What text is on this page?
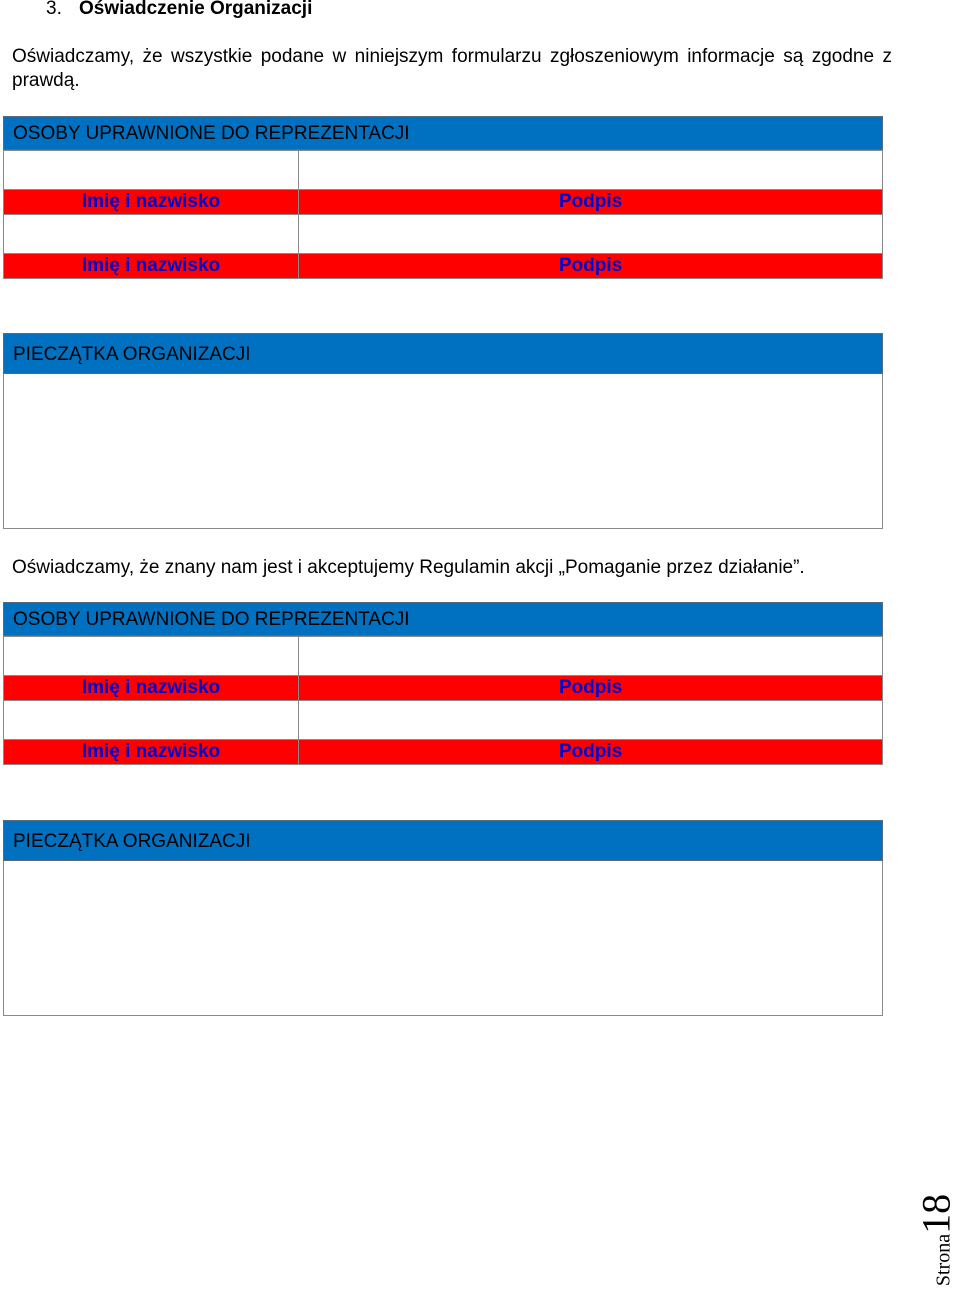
3. Oświadczenie Organizacji
Oświadczamy, że wszystkie podane w niniejszym formularzu zgłoszeniowym informacje są zgodne z prawdą.
OSOBY UPRAWNIONE DO REPREZENTACJI

Imię i nazwisko	Podpis

Imię i nazwisko	Podpis
PIECZĄTKA ORGANIZACJI
Oświadczamy, że znany nam jest i akceptujemy Regulamin akcji „Pomaganie przez działanie”.
OSOBY UPRAWNIONE DO REPREZENTACJI

Imię i nazwisko	Podpis

Imię i nazwisko	Podpis
PIECZĄTKA ORGANIZACJI
Strona18
